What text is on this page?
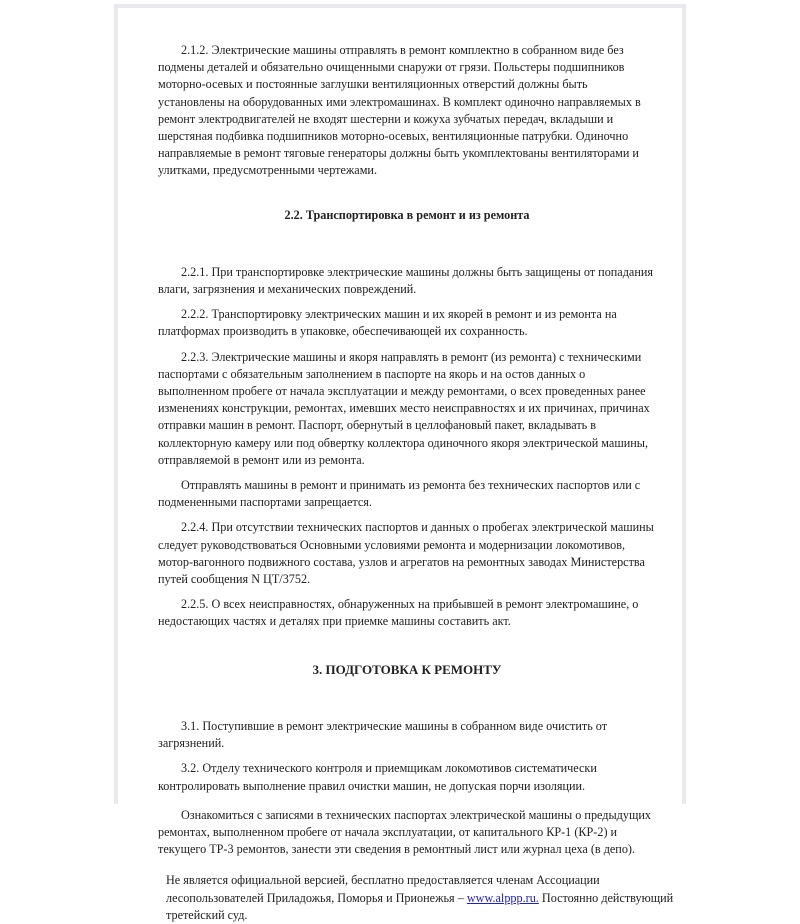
2.1.2. Электрические машины отправлять в ремонт комплектно в собранном виде без подмены деталей и обязательно очищенными снаружи от грязи. Польстеры подшипников моторно-осевых и постоянные заглушки вентиляционных отверстий должны быть установлены на оборудованных ими электромашинах. В комплект одиночно направляемых в ремонт электродвигателей не входят шестерни и кожуха зубчатых передач, вкладыши и шерстяная подбивка подшипников моторно-осевых, вентиляционные патрубки. Одиночно направляемые в ремонт тяговые генераторы должны быть укомплектованы вентиляторами и улитками, предусмотренными чертежами.

2.2. Транспортировка в ремонт и из ремонта

2.2.1. При транспортировке электрические машины должны быть защищены от попадания влаги, загрязнения и механических повреждений.

2.2.2. Транспортировку электрических машин и их якорей в ремонт и из ремонта на платформах производить в упаковке, обеспечивающей их сохранность.

2.2.3. Электрические машины и якоря направлять в ремонт (из ремонта) с техническими паспортами с обязательным заполнением в паспорте на якорь и на остов данных о выполненном пробеге от начала эксплуатации и между ремонтами, о всех проведенных ранее изменениях конструкции, ремонтах, имевших место неисправностях и их причинах, причинах отправки машин в ремонт. Паспорт, обернутый в целлофановый пакет, вкладывать в коллекторную камеру или под обвертку коллектора одиночного якоря электрической машины, отправляемой в ремонт или из ремонта.

Отправлять машины в ремонт и принимать из ремонта без технических паспортов или с подмененными паспортами запрещается.

2.2.4. При отсутствии технических паспортов и данных о пробегах электрической машины следует руководствоваться Основными условиями ремонта и модернизации локомотивов, мотор-вагонного подвижного состава, узлов и агрегатов на ремонтных заводах Министерства путей сообщения N ЦТ/3752.

2.2.5. О всех неисправностях, обнаруженных на прибывшей в ремонт электромашине, о недостающих частях и деталях при приемке машины составить акт.

3. ПОДГОТОВКА К РЕМОНТУ

3.1. Поступившие в ремонт электрические машины в собранном виде очистить от загрязнений.

3.2. Отделу технического контроля и приемщикам локомотивов систематически контролировать выполнение правил очистки машин, не допуская порчи изоляции.

Ознакомиться с записями в технических паспортах электрической машины о предыдущих ремонтах, выполненном пробеге от начала эксплуатации, от капитального КР-1 (КР-2) и текущего ТР-3 ремонтов, занести эти сведения в ремонтный лист или журнал цеха (в депо).

Не является официальной версией, бесплатно предоставляется членам Ассоциации лесопользователей Приладожья, Поморья и Прионежья – www.alppp.ru. Постоянно действующий третейский суд.
